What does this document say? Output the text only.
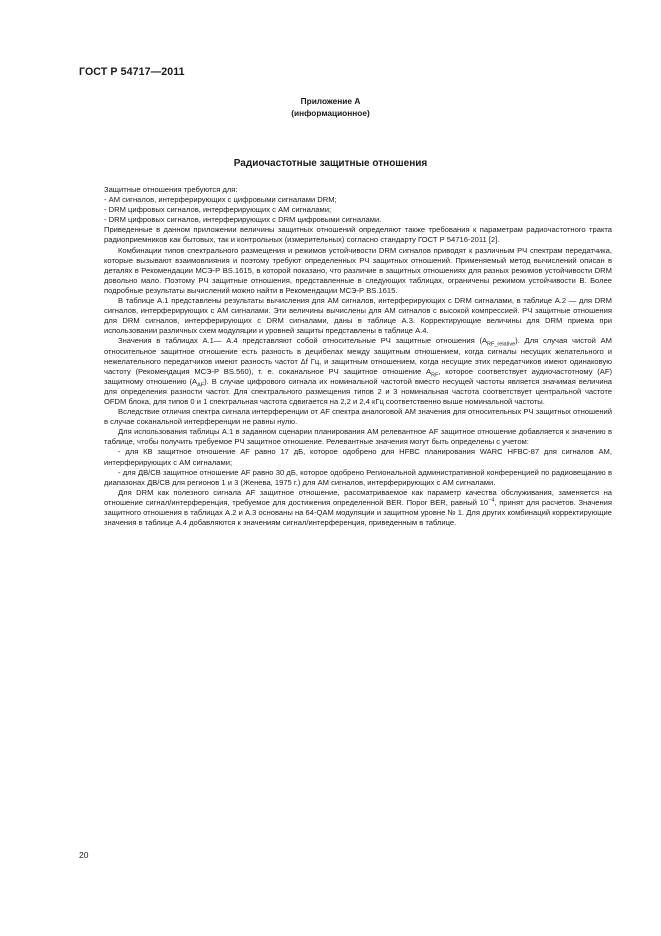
ГОСТ Р 54717—2011
Приложение А
(информационное)
Радиочастотные защитные отношения

Защитные отношения требуются для:

- АМ сигналов, интерферирующих с цифровыми сигналами DRM;

- DRM цифровых сигналов, интерферирующих с АМ сигналами;

- DRM цифровых сигналов, интерферирующих с DRM цифровыми сигналами.

Приведенные в данном приложении величины защитных отношений определяют также требования к параметрам радиочастотного тракта радиоприемников как бытовых, так и контрольных (измерительных) согласно стандарту ГОСТ Р 54716-2011 [2].

Комбинации типов спектрального размещения и режимов устойчивости DRM сигналов приводят к различным РЧ спектрам передатчика, которые вызывают взаимовлияния и поэтому требуют определенных РЧ защитных отношений. Применяемый метод вычислений описан в деталях в Рекомендации МСЭ-Р BS.1615, в которой показано, что различие в защитных отношениях для разных режимов устойчивости DRM довольно мало. Поэтому РЧ защитные отношения, представленные в следующих таблицах, ограничены режимом устойчивости В. Более подробные результаты вычислений можно найти в Рекомендации МСЭ-Р BS.1615.

В таблице А.1 представлены результаты вычисления для АМ сигналов, интерферирующих с DRM сигналами, в таблице А.2 — для DRM сигналов, интерферирующих с АМ сигналами. Эти величины вычислены для АМ сигналов с высокой компрессией. РЧ защитные отношения для DRM сигналов, интерферирующих с DRM сигналами, даны в таблице А.3. Корректирующие величины для DRM приема при использовании различных схем модуляции и уровней защиты представлены в таблице А.4.

Значения в таблицах А.1— А.4 представляют собой относительные РЧ защитные отношения $(A_{RF\_relative})$. Для случая чистой АМ относительное защитное отношение есть разность в децибелах между защитным отношением, когда сигналы несущих желательного и нежелательного передатчиков имеют разность частот Δf Гц, и защитным отношением, когда несущие этих передатчиков имеют одинаковую частоту (Рекомендация МСЭ-Р BS.560), т. е. соканальное РЧ защитное отношение $A_{RF}$, которое соответствует аудиочастотному (AF) защитному отношению $(A_{AF})$. В случае цифрового сигнала их номинальной частотой вместо несущей частоты является значимая величина для определения разности частот. Для спектрального размещения типов 2 и 3 номинальная частота соответствует центральной частоте OFDM блока, для типов 0 и 1 спектральная частота сдвигается на 2,2 и 2,4 кГц соответственно выше номинальной частоты.

Вследствие отличия спектра сигнала интерференции от AF спектра аналоговой АМ значения для относительных РЧ защитных отношений в случае соканальной интерференции не равны нулю.

Для использования таблицы А.1 в заданном сценарии планирования АМ релевантное AF защитное отношение добавляется к значению в таблице, чтобы получить требуемое РЧ защитное отношение. Релевантные значения могут быть определены с учетом:

- для КВ защитное отношение AF равно 17 дБ, которое одобрено для HFBC планирования WARC HFBC-87 для сигналов АМ, интерферирующих с АМ сигналами;

- для ДВ/СВ защитное отношение AF равно 30 дБ, которое одобрено Региональной административной конференцией по радиовещанию в диапазонах ДВ/СВ для регионов 1 и 3 (Женева, 1975 г.) для АМ сигналов, интерферирующих с АМ сигналами.

Для DRM как полезного сигнала AF защитное отношение, рассматриваемое как параметр качества обслуживания, заменяется на отношение сигнал/интерференция, требуемое для достижения определенной BER. Порог BER, равный $10^{-4}$, принят для расчетов. Значения защитного отношения в таблицах А.2 и А.3 основаны на 64-QAM модуляции и защитном уровне № 1. Для других комбинаций корректирующие значения в таблице А.4 добавляются к значениям сигнал/интерференция, приведенным в таблице.

20
